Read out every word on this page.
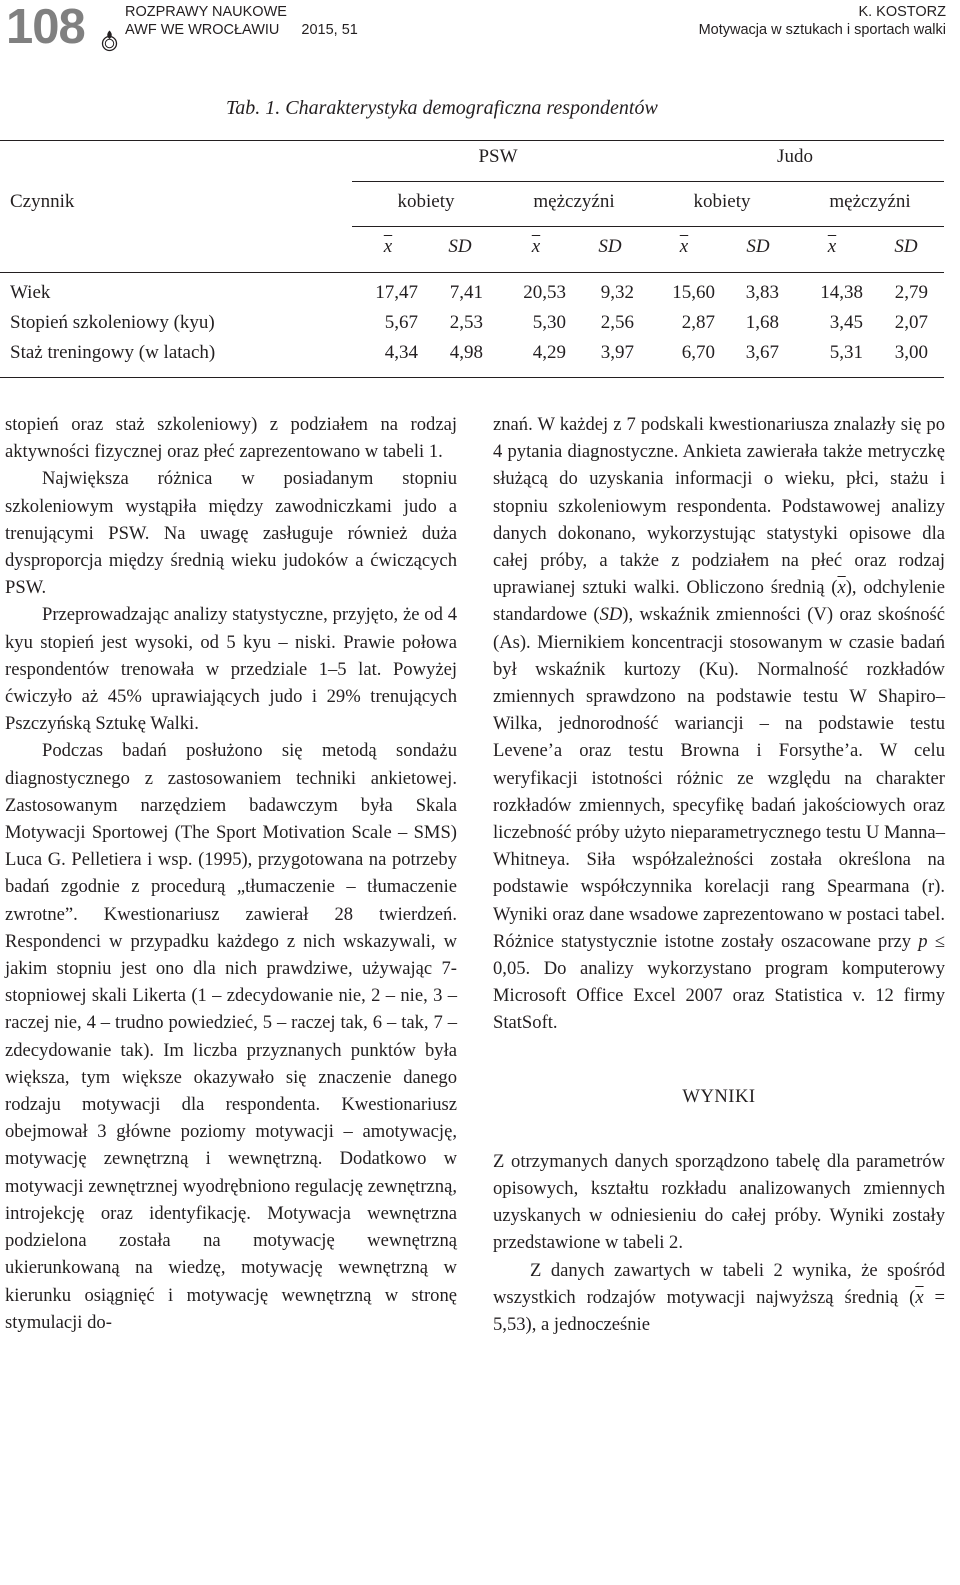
108	ROZPRAWY NAUKOWE
AWF WE WROCŁAWIU 2015, 51
K. KOSTORZ
Motywacja w sztukach i sportach walki
Tab. 1. Charakterystyka demograficzna respondentów
PSW	Judo
Czynnik	kobiety	mężczyźni	kobiety	mężczyźni
$\overline{x}$	SD	$\overline{x}$	SD	$\overline{x}$	SD	$\overline{x}$	SD
Wiek	17,47	7,41	20,53	9,32	15,60	3,83	14,38	2,79
Stopień szkoleniowy (kyu)	5,67	2,53	5,30	2,56	2,87	1,68	3,45	2,07
Staż treningowy (w latach)	4,34	4,98	4,29	3,97	6,70	3,67	5,31	3,00

stopień oraz staż szkoleniowy) z podziałem na rodzaj aktywności fizycznej oraz płeć zaprezentowano w tabeli 1.

Największa różnica w posiadanym stopniu szkoleniowym wystąpiła między zawodniczkami judo a trenującymi PSW. Na uwagę zasługuje również duża dysproporcja między średnią wieku judoków a ćwiczących PSW.

Przeprowadzając analizy statystyczne, przyjęto, że od 4 kyu stopień jest wysoki, od 5 kyu – niski. Prawie połowa respondentów trenowała w przedziale 1–5 lat. Powyżej ćwiczyło aż 45% uprawiających judo i 29% trenujących Pszczyńską Sztukę Walki.

Podczas badań posłużono się metodą sondażu diagnostycznego z zastosowaniem techniki ankietowej. Zastosowanym narzędziem badawczym była Skala Motywacji Sportowej (The Sport Motivation Scale – SMS) Luca G. Pelletiera i wsp. (1995), przygotowana na potrzeby badań zgodnie z procedurą „tłumaczenie – tłumaczenie zwrotne”. Kwestionariusz zawierał 28 twierdzeń. Respondenci w przypadku każdego z nich wskazywali, w jakim stopniu jest ono dla nich prawdziwe, używając 7-stopniowej skali Likerta (1 – zdecydowanie nie, 2 – nie, 3 – raczej nie, 4 – trudno powiedzieć, 5 – raczej tak, 6 – tak, 7 – zdecydowanie tak). Im liczba przyznanych punktów była większa, tym większe okazywało się znaczenie danego rodzaju motywacji dla respondenta. Kwestionariusz obejmował 3 główne poziomy motywacji – amotywację, motywację zewnętrzną i wewnętrzną. Dodatkowo w motywacji zewnętrznej wyodrębniono regulację zewnętrzną, introjekcję oraz identyfikację. Motywacja wewnętrzna podzielona została na motywację wewnętrzną ukierunkowaną na wiedzę, motywację wewnętrzną w kierunku osiągnięć i motywację wewnętrzną w stronę stymulacji do-

znań. W każdej z 7 podskali kwestionariusza znalazły się po 4 pytania diagnostyczne. Ankieta zawierała także metryczkę służącą do uzyskania informacji o wieku, płci, stażu i stopniu szkoleniowym respondenta. Podstawowej analizy danych dokonano, wykorzystując statystyki opisowe dla całej próby, a także z podziałem na płeć oraz rodzaj uprawianej sztuki walki. Obliczono średnią $(\overline{x})$, odchylenie standardowe (SD), wskaźnik zmienności (V) oraz skośność (As). Miernikiem koncentracji stosowanym w czasie badań był wskaźnik kurtozy (Ku). Normalność rozkładów zmiennych sprawdzono na podstawie testu W Shapiro–Wilka, jednorodność wariancji – na podstawie testu Levene’a oraz testu Browna i Forsythe’a. W celu weryfikacji istotności różnic ze względu na charakter rozkładów zmiennych, specyfikę badań jakościowych oraz liczebność próby użyto nieparametrycznego testu U Manna–Whitneya. Siła współzależności została określona na podstawie współczynnika korelacji rang Spearmana (r). Wyniki oraz dane wsadowe zaprezentowano w postaci tabel. Różnice statystycznie istotne zostały oszacowane przy p ≤ 0,05. Do analizy wykorzystano program komputerowy Microsoft Office Excel 2007 oraz Statistica v. 12 firmy StatSoft.

WYNIKI

Z otrzymanych danych sporządzono tabelę dla parametrów opisowych, kształtu rozkładu analizowanych zmiennych uzyskanych w odniesieniu do całej próby. Wyniki zostały przedstawione w tabeli 2.

Z danych zawartych w tabeli 2 wynika, że spośród wszystkich rodzajów motywacji najwyższą średnią $(\overline{x} = 5,53)$, a jednocześnie
